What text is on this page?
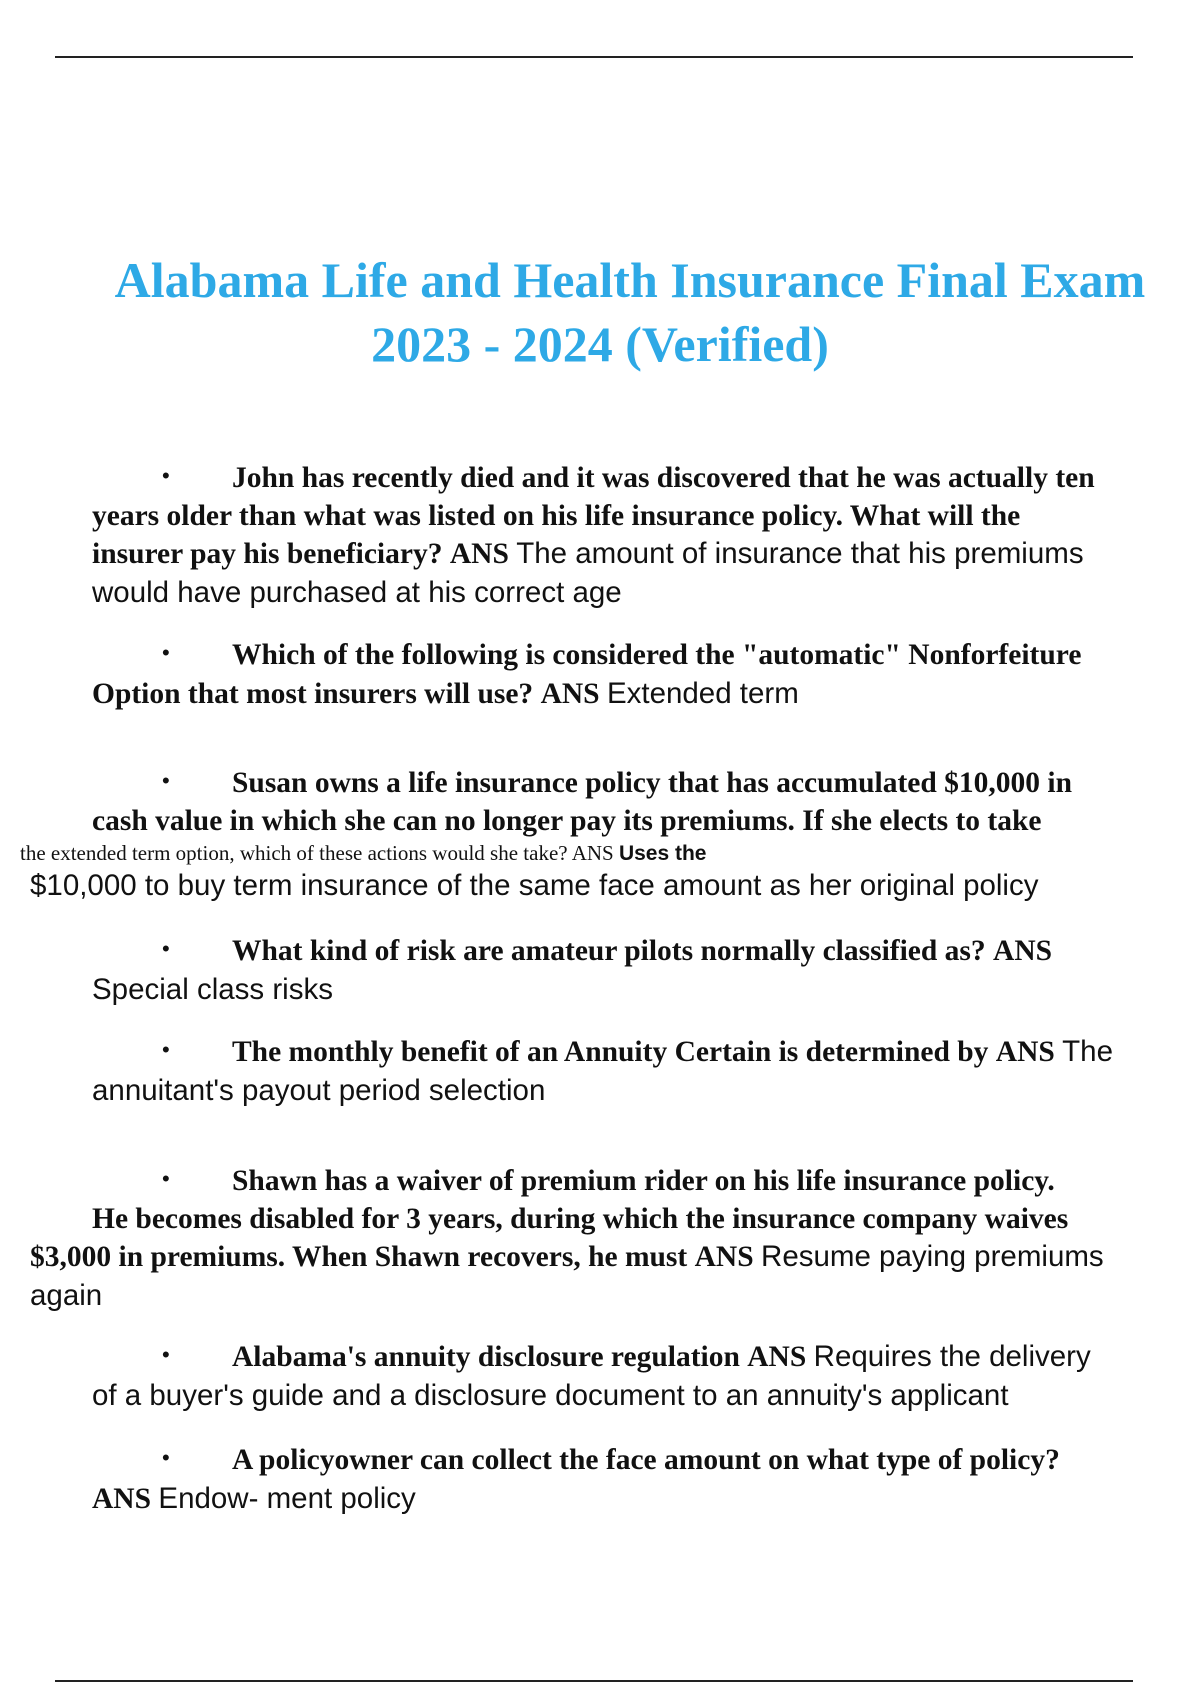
Alabama Life and Health Insurance Final Exam
2023 - 2024 (Verified)
• John has recently died and it was discovered that he was actually ten
years older than what was listed on his life insurance policy. What will the
insurer pay his beneficiary? ANS The amount of insurance that his premiums
would have purchased at his correct age
• Which of the following is considered the "automatic" Nonforfeiture
Option that most insurers will use? ANS Extended term
• Susan owns a life insurance policy that has accumulated $10,000 in
cash value in which she can no longer pay its premiums. If she elects to take
the extended term option, which of these actions would she take? ANS Uses the
$10,000 to buy term insurance of the same face amount as her original policy
• What kind of risk are amateur pilots normally classified as? ANS
Special class risks
• The monthly benefit of an Annuity Certain is determined by ANS The
annuitant's payout period selection
• Shawn has a waiver of premium rider on his life insurance policy.
He becomes disabled for 3 years, during which the insurance company waives
$3,000 in premiums. When Shawn recovers, he must ANS Resume paying premiums
again
• Alabama's annuity disclosure regulation ANS Requires the delivery
of a buyer's guide and a disclosure document to an annuity's applicant
• A policyowner can collect the face amount on what type of policy?
ANS Endow- ment policy
